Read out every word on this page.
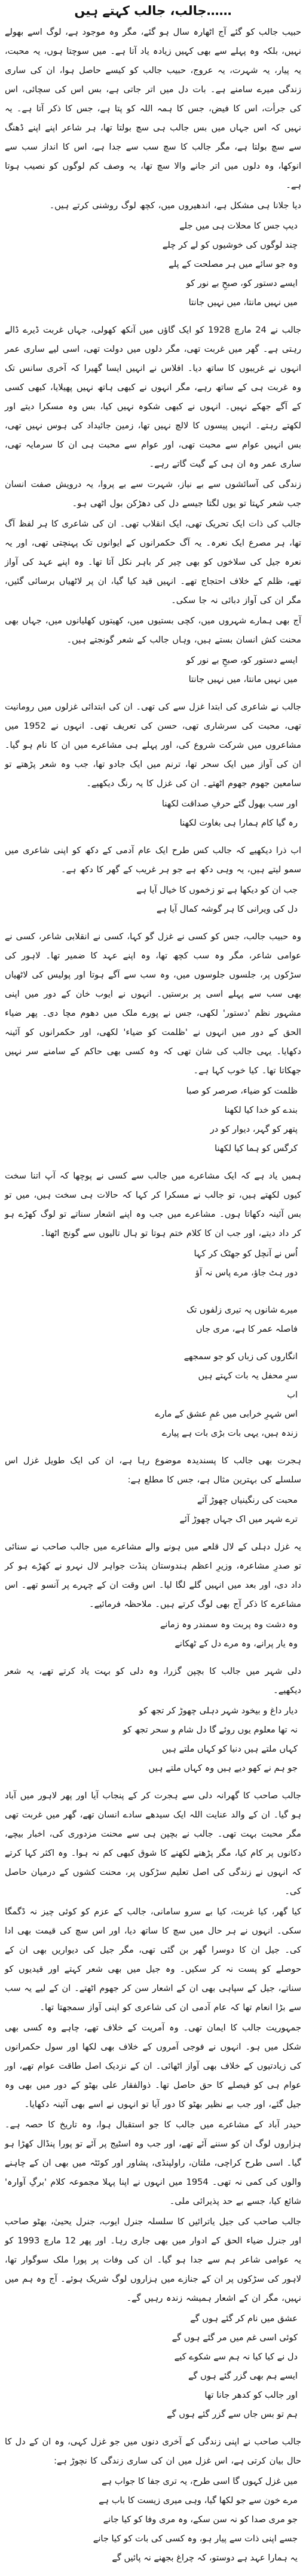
……جالب، جالب کہتے ہیں

حبیب جالب کو گئے آج اٹھارہ سال ہو گئے، مگر وہ موجود ہے، لوگ اسے بھولے نہیں، بلکہ وہ پہلے سے بھی کہیں زیادہ یاد آتا ہے۔ میں سوچتا ہوں، یہ محبت، یہ پیار، یہ شہرت، یہ عروج، حبیب جالب کو کیسے حاصل ہوا، ان کی ساری زندگی میرے سامنے ہے۔ بات دل میں اتر جاتی ہے، بس اس کی سچائی، اس کی جرأت، اس کا فیض، جس کا ہمہ اللہ کو پتا ہے، جس کا ذکر آتا ہے۔ یہ نہیں کہ اس جہاں میں بس جالب ہی سچ بولتا تھا، ہر شاعر اپنے اپنے ڈھنگ سے سچ بولتا ہے، مگر جالب کا سچ سب سے جدا ہے، اس کا انداز سب سے انوکھا، وہ دلوں میں اتر جانے والا سچ تھا، یہ وصف کم لوگوں کو نصیب ہوتا ہے۔

دیا جلانا ہی مشکل ہے، اندھیروں میں، کچھ لوگ روشنی کرتے ہیں۔

دیپ جس کا محلات ہی میں جلے
چند لوگوں کی خوشیوں کو لے کر چلے
وہ جو سائے میں ہر مصلحت کے پلے
ایسے دستور کو، صبحِ بے نور کو
میں نہیں مانتا، میں نہیں جانتا

جالب نے 24 مارچ 1928 کو ایک گاؤں میں آنکھ کھولی، جہاں غربت ڈیرے ڈالے رہتی ہے۔ گھر میں غربت تھی، مگر دلوں میں دولت تھی، اسی لیے ساری عمر انہوں نے غریبوں کا ساتھ دیا۔ افلاس نے انہیں ایسا گھیرا کہ آخری سانس تک وہ غربت ہی کے ساتھ رہے، مگر انہوں نے کبھی ہاتھ نہیں پھیلایا، کبھی کسی کے آگے جھکے نہیں۔ انہوں نے کبھی شکوہ نہیں کیا، بس وہ مسکرا دیتے اور لکھتے رہتے۔ انہیں پیسوں کا لالچ نہیں تھا، زمین جائیداد کی ہوس نہیں تھی، بس انہیں عوام سے محبت تھی، اور عوام سے محبت ہی ان کا سرمایہ تھی، ساری عمر وہ ان ہی کے گیت گاتے رہے۔

زندگی کی آسائشوں سے بے نیاز، شہرت سے بے پروا، یہ درویش صفت انسان جب شعر کہتا تو یوں لگتا جیسے دل کی دھڑکن بول اٹھی ہو۔

جالب کی ذات ایک تحریک تھی، ایک انقلاب تھی۔ ان کی شاعری کا ہر لفظ آگ تھا، ہر مصرع ایک نعرہ۔ یہ آگ حکمرانوں کے ایوانوں تک پہنچتی تھی، اور یہ نعرہ جیل کی سلاخوں کو بھی چیر کر باہر نکل آتا تھا۔ وہ اپنے عہد کی آواز تھے، ظلم کے خلاف احتجاج تھے۔ انہیں قید کیا گیا، ان پر لاٹھیاں برسائی گئیں، مگر ان کی آواز دبائی نہ جا سکی۔

آج بھی ہمارے شہروں میں، کچی بستیوں میں، کھیتوں کھلیانوں میں، جہاں بھی محنت کش انسان بستے ہیں، وہاں جالب کے شعر گونجتے ہیں۔

ایسے دستور کو، صبحِ بے نور کو
میں نہیں مانتا، میں نہیں جانتا

جالب نے شاعری کی ابتدا غزل سے کی تھی۔ ان کی ابتدائی غزلوں میں رومانیت تھی، محبت کی سرشاری تھی، حسن کی تعریف تھی۔ انہوں نے 1952 میں مشاعروں میں شرکت شروع کی، اور پہلے ہی مشاعرے میں ان کا نام ہو گیا۔ ان کی آواز میں ایک سحر تھا، ترنم میں ایک جادو تھا، جب وہ شعر پڑھتے تو سامعین جھوم جھوم اٹھتے۔ ان کی غزل کا یہ رنگ دیکھیے۔

اور سب بھول گئے حرفِ صداقت لکھنا
رہ گیا کام ہمارا ہی بغاوت لکھنا

اب ذرا دیکھیے کہ جالب کس طرح ایک عام آدمی کے دکھ کو اپنی شاعری میں سمو لیتے ہیں، یہ وہی دکھ ہے جو ہر غریب کے گھر کا دکھ ہے۔

جب ان کو دیکھا ہے تو زخموں کا خیال آیا ہے
دل کی ویرانی کا ہر گوشہ کمال آیا ہے

وہ حبیب جالب، جس کو کسی نے غزل گو کہا، کسی نے انقلابی شاعر، کسی نے عوامی شاعر، مگر وہ سب کچھ تھا، وہ اپنے عہد کا ضمیر تھا۔ لاہور کی سڑکوں پر، جلسوں جلوسوں میں، وہ سب سے آگے ہوتا اور پولیس کی لاٹھیاں بھی سب سے پہلے اسی پر برستیں۔ انہوں نے ایوب خان کے دور میں اپنی مشہور نظم 'دستور' لکھی، جس نے پورے ملک میں دھوم مچا دی۔ پھر ضیاء الحق کے دور میں انہوں نے 'ظلمت کو ضیاء' لکھی، اور حکمرانوں کو آئینہ دکھایا۔ یہی جالب کی شان تھی کہ وہ کسی بھی حاکم کے سامنے سر نہیں جھکاتا تھا۔ کیا خوب کہا ہے۔

ظلمت کو ضیاء، صرصر کو صبا
بندے کو خدا کیا لکھنا
پتھر کو گہر، دیوار کو در
کرگس کو ہما کیا لکھنا

ہمیں یاد ہے کہ ایک مشاعرے میں جالب سے کسی نے پوچھا کہ آپ اتنا سخت کیوں لکھتے ہیں، تو جالب نے مسکرا کر کہا کہ حالات ہی سخت ہیں، میں تو بس آئینہ دکھاتا ہوں۔ مشاعرے میں جب وہ اپنے اشعار سناتے تو لوگ کھڑے ہو کر داد دیتے، اور جب ان کا کلام ختم ہوتا تو ہال تالیوں سے گونج اٹھتا۔

اُس نے آنچل کو جھٹک کر کہا
دور ہٹ جاؤ، مرے پاس نہ آؤ
میرے شانوں پہ تیری زلفوں تک
فاصلہ عمر کا ہے، مری جاں
انگاروں کی زباں کو جو سمجھے
سرِ محفل یہ بات کہتے ہیں
اب
اس شہرِ خرابی میں غمِ عشق کے مارے
زندہ ہیں، یہی بات بڑی بات ہے پیارے

ہجرت بھی جالب کا پسندیدہ موضوع رہا ہے، ان کی ایک طویل غزل اس سلسلے کی بہترین مثال ہے، جس کا مطلع ہے:

محبت کی رنگینیاں چھوڑ آئے
ترے شہر میں اک جہاں چھوڑ آئے

یہ غزل دہلی کے لال قلعے میں ہونے والے مشاعرے میں جالب صاحب نے سنائی تو صدرِ مشاعرہ، وزیرِ اعظم ہندوستان پنڈت جواہر لال نہرو نے کھڑے ہو کر داد دی، اور بعد میں انہیں گلے لگا لیا۔ اس وقت ان کے چہرے پر آنسو تھے۔ اس مشاعرے کا ذکر آج بھی لوگ کرتے ہیں۔ ملاحظہ فرمائیے۔

وہ دشت وہ پربت وہ سمندر وہ زمانے
وہ یار پرانے، وہ مرے دل کے ٹھکانے

دلی شہر میں جالب کا بچپن گزرا، وہ دلی کو بہت یاد کرتے تھے، یہ شعر دیکھیے۔

دیار داغ و بیخود شہر دہلی چھوڑ کر تجھ کو
نہ تھا معلوم یوں روئے گا دل شام و سحر تجھ کو
کہاں ملتے ہیں دنیا کو کہاں ملتے ہیں
جو ہم نے کھو دیے ہیں وہ کہاں ملتے ہیں

جالب صاحب کا گھرانہ دلی سے ہجرت کر کے پنجاب آیا اور پھر لاہور میں آباد ہو گیا۔ ان کے والد عنایت اللہ ایک سیدھے سادے انسان تھے، گھر میں غربت تھی مگر محبت بہت تھی۔ جالب نے بچپن ہی سے محنت مزدوری کی، اخبار بیچے، دکانوں پر کام کیا، مگر پڑھنے لکھنے کا شوق کبھی کم نہ ہوا۔ وہ اکثر کہا کرتے کہ انہوں نے زندگی کی اصل تعلیم سڑکوں پر، محنت کشوں کے درمیان حاصل کی۔

کیا گھر، کیا غربت، کیا بے سرو سامانی، جالب کے عزم کو کوئی چیز نہ ڈگمگا سکی۔ انہوں نے ہر حال میں سچ کا ساتھ دیا، اور اس سچ کی قیمت بھی ادا کی۔ جیل ان کا دوسرا گھر بن گئی تھی، مگر جیل کی دیواریں بھی ان کے حوصلے کو پست نہ کر سکیں۔ وہ جیل میں بھی شعر کہتے اور قیدیوں کو سناتے، جیل کے سپاہی بھی ان کے اشعار سن کر جھوم اٹھتے۔ ان کے لیے یہ سب سے بڑا انعام تھا کہ عام آدمی ان کی شاعری کو اپنی آواز سمجھتا تھا۔

جمہوریت جالب کا ایمان تھی۔ وہ آمریت کے خلاف تھے، چاہے وہ کسی بھی شکل میں ہو۔ انہوں نے فوجی آمروں کے خلاف بھی لکھا اور سول حکمرانوں کی زیادتیوں کے خلاف بھی آواز اٹھائی۔ ان کے نزدیک اصل طاقت عوام تھے، اور عوام ہی کو فیصلے کا حق حاصل تھا۔ ذوالفقار علی بھٹو کے دور میں بھی وہ جیل گئے، اور جب بے نظیر بھٹو کا دور آیا تو انہوں نے اسے بھی آئینہ دکھایا۔

حیدر آباد کے مشاعرے میں جالب کا جو استقبال ہوا، وہ تاریخ کا حصہ ہے۔ ہزاروں لوگ ان کو سننے آئے تھے، اور جب وہ اسٹیج پر آئے تو پورا پنڈال کھڑا ہو گیا۔ اسی طرح کراچی، ملتان، راولپنڈی، پشاور اور کوئٹہ میں بھی ان کے چاہنے والوں کی کمی نہ تھی۔ 1954 میں انہوں نے اپنا پہلا مجموعہ کلام 'برگِ آوارہ' شائع کیا، جسے بے حد پذیرائی ملی۔

جالب صاحب کی جیل یاترائیں کا سلسلہ جنرل ایوب، جنرل یحییٰ، بھٹو صاحب اور جنرل ضیاء الحق کے ادوار میں بھی جاری رہا۔ اور پھر 12 مارچ 1993 کو یہ عوامی شاعر ہم سے جدا ہو گیا۔ ان کی وفات پر پورا ملک سوگوار تھا، لاہور کی سڑکوں پر ان کے جنازے میں ہزاروں لوگ شریک ہوئے۔ آج وہ ہم میں نہیں، مگر ان کے اشعار ہمیشہ زندہ رہیں گے۔

عشق میں نام کر گئے ہوں گے
کوئی اسی غم میں مر گئے ہوں گے
دل نے کیا کیا نہ ہم سے شکوے کیے
ایسے ہم بھی گزر گئے ہوں گے
اور جالب کو کدھر جانا تھا
ہم تو بس جاں سے گزر گئے ہوں گے

جالب صاحب نے اپنی زندگی کے آخری دنوں میں جو غزل کہی، وہ ان کے دل کا حال بیان کرتی ہے، اس غزل میں ان کی ساری زندگی کا نچوڑ ہے:

میں غزل کہوں گا اسی طرح، یہ تری جفا کا جواب ہے
مرے خون سے جو لکھا گیا، وہی میری زیست کا باب ہے
جو مری صدا کو نہ سن سکے، وہ مری وفا کو کیا جانے
جسے اپنی ذات سے پیار ہو، وہ کسی کی بات کو کیا جانے
یہ ہمارا عہد ہے دوستو، کہ چراغ بجھنے نہ پائیں گے
